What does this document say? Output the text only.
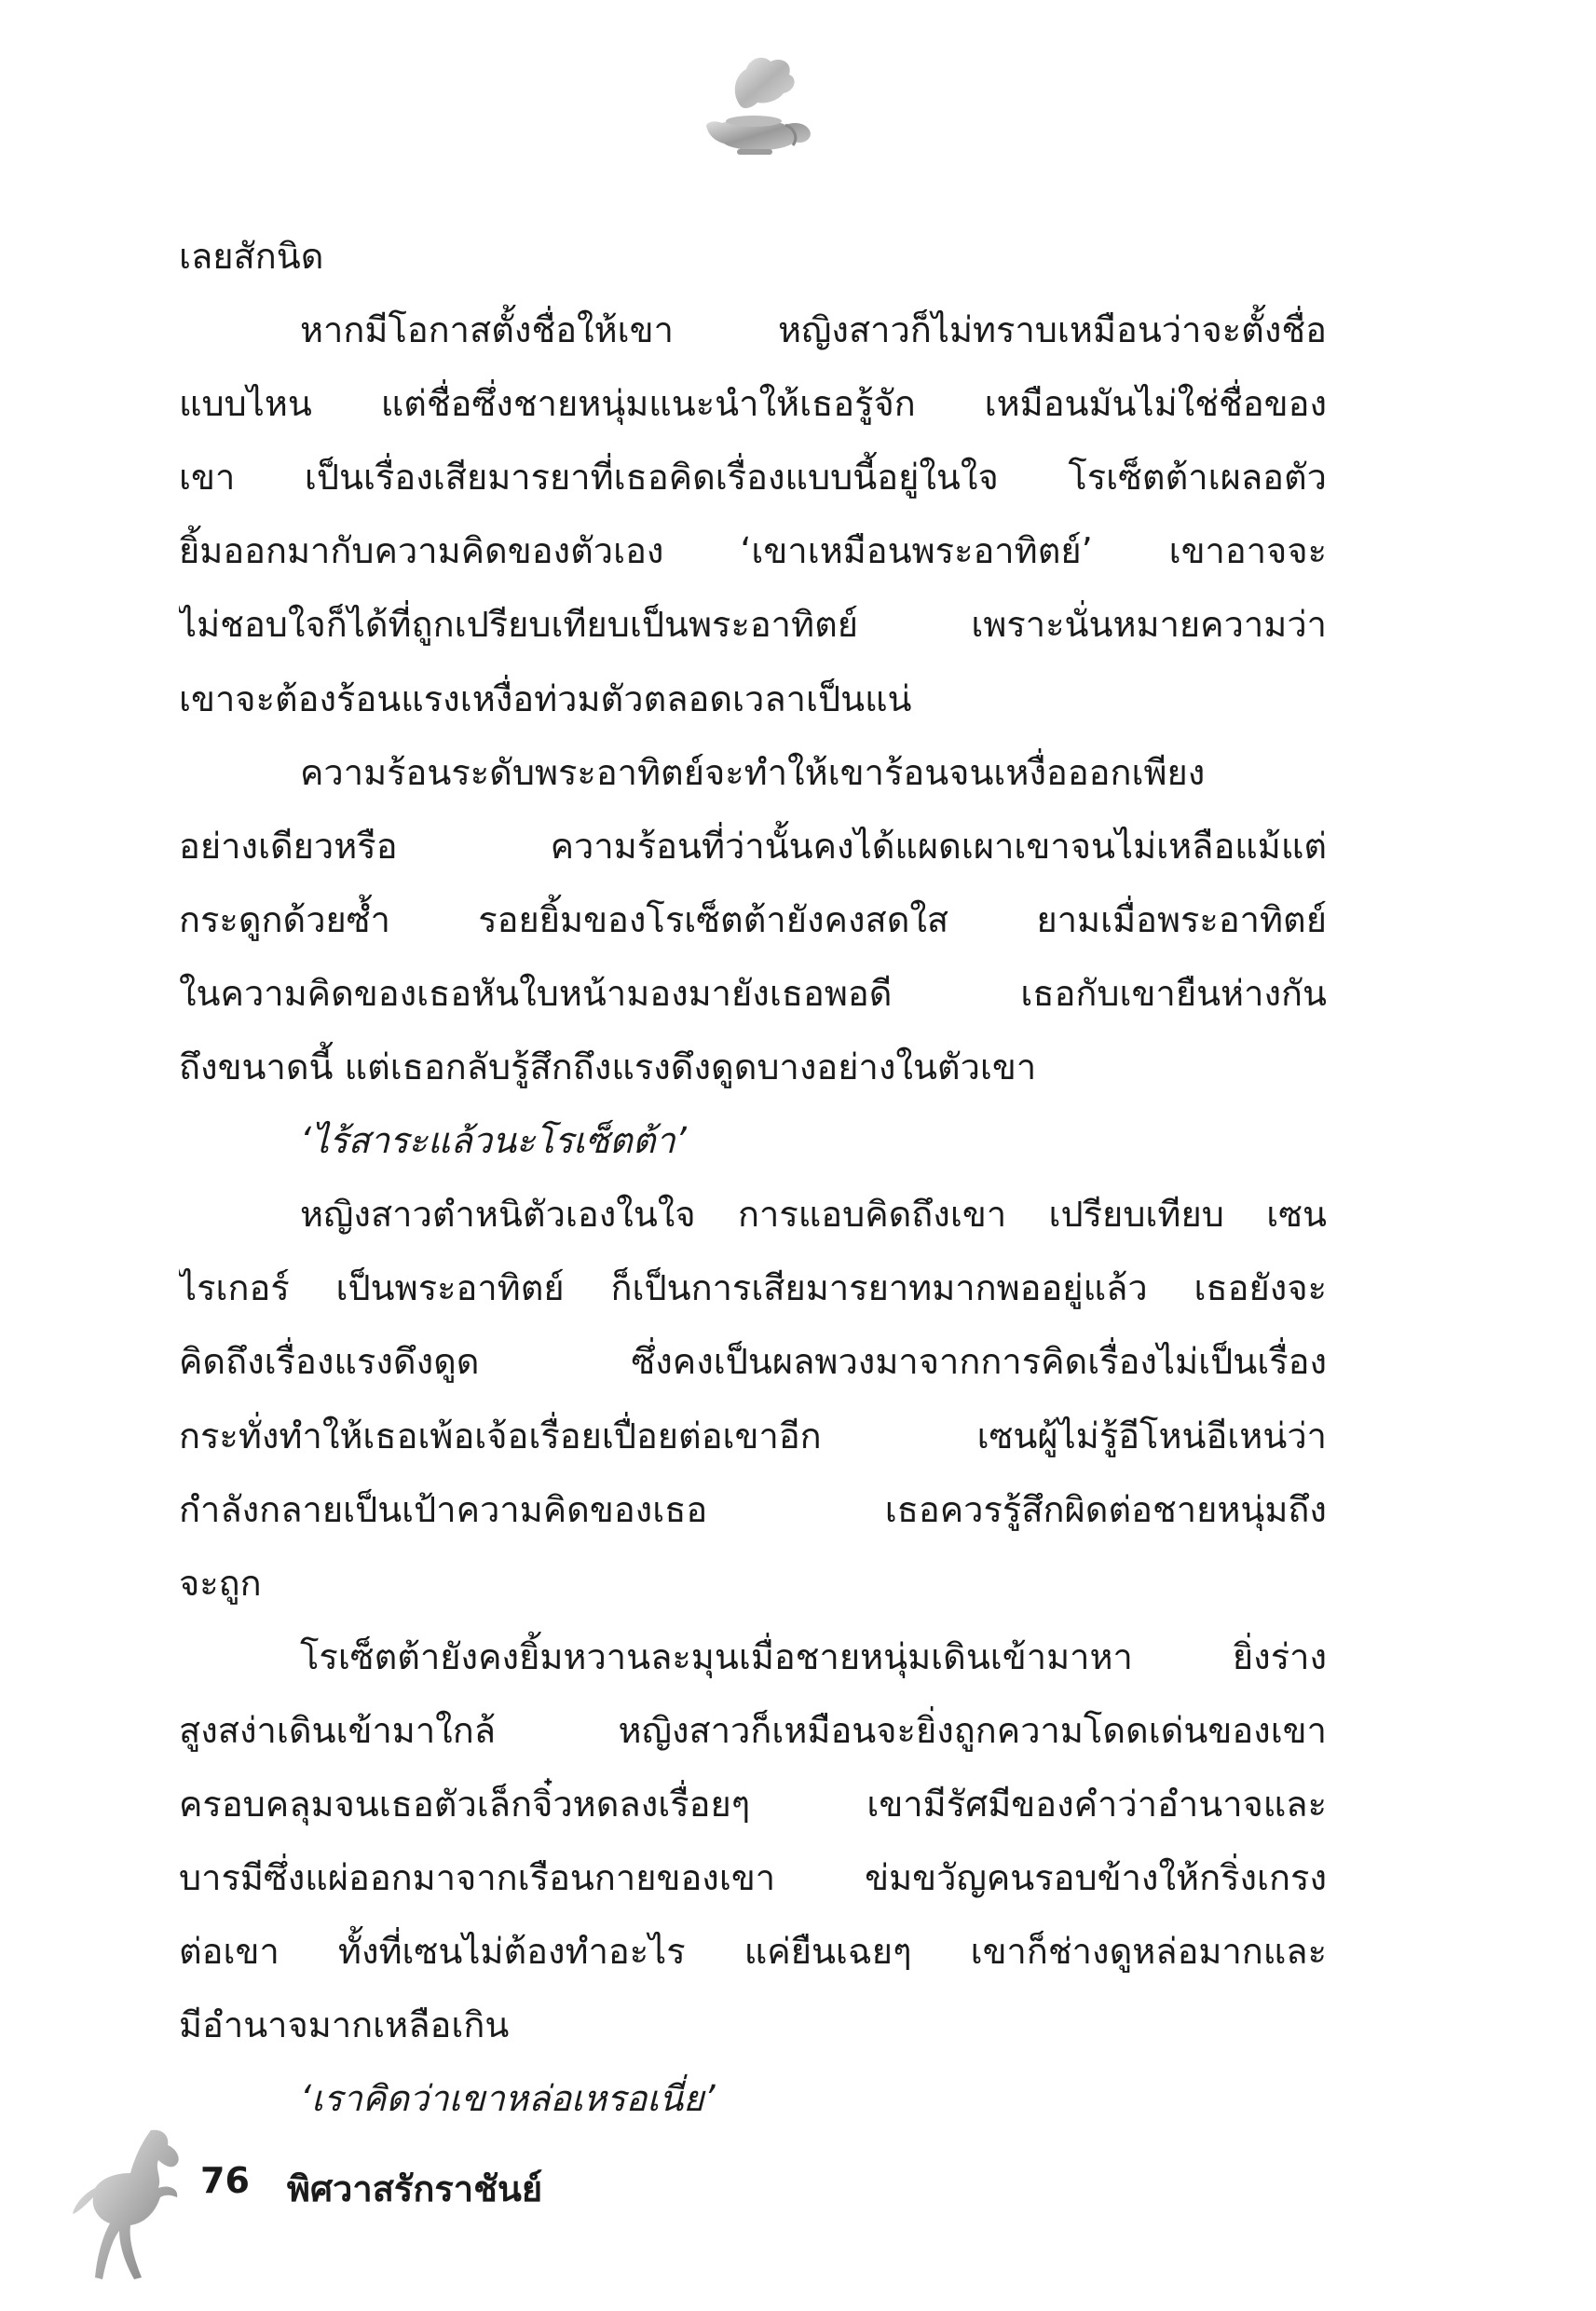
เลยสักนิด
หากมีโอกาสตั้งชื่อให้เขา หญิงสาวก็ไม่ทราบเหมือนว่าจะตั้งชื่อ
แบบไหน แต่ชื่อซึ่งชายหนุ่มแนะนำให้เธอรู้จัก เหมือนมันไม่ใช่ชื่อของ
เขา เป็นเรื่องเสียมารยาที่เธอคิดเรื่องแบบนี้อยู่ในใจ โรเซ็ตต้าเผลอตัว
ยิ้มออกมากับความคิดของตัวเอง ‘เขาเหมือนพระอาทิตย์’ เขาอาจจะ
ไม่ชอบใจก็ได้ที่ถูกเปรียบเทียบเป็นพระอาทิตย์ เพราะนั่นหมายความว่า
เขาจะต้องร้อนแรงเหงื่อท่วมตัวตลอดเวลาเป็นแน่
ความร้อนระดับพระอาทิตย์จะทำให้เขาร้อนจนเหงื่อออกเพียง
อย่างเดียวหรือ ความร้อนที่ว่านั้นคงได้แผดเผาเขาจนไม่เหลือแม้แต่
กระดูกด้วยซ้ำ รอยยิ้มของโรเซ็ตต้ายังคงสดใส ยามเมื่อพระอาทิตย์
ในความคิดของเธอหันใบหน้ามองมายังเธอพอดี เธอกับเขายืนห่างกัน
ถึงขนาดนี้ แต่เธอกลับรู้สึกถึงแรงดึงดูดบางอย่างในตัวเขา
‘ไร้สาระแล้วนะโรเซ็ตต้า’
หญิงสาวตำหนิตัวเองในใจ การแอบคิดถึงเขา เปรียบเทียบ เซน
ไรเกอร์ เป็นพระอาทิตย์ ก็เป็นการเสียมารยาทมากพออยู่แล้ว เธอยังจะ
คิดถึงเรื่องแรงดึงดูด ซึ่งคงเป็นผลพวงมาจากการคิดเรื่องไม่เป็นเรื่อง
กระทั่งทำให้เธอเพ้อเจ้อเรื่อยเปื่อยต่อเขาอีก เซนผู้ไม่รู้อีโหน่อีเหน่ว่า
กำลังกลายเป็นเป้าความคิดของเธอ เธอควรรู้สึกผิดต่อชายหนุ่มถึง
จะถูก
โรเซ็ตต้ายังคงยิ้มหวานละมุนเมื่อชายหนุ่มเดินเข้ามาหา ยิ่งร่าง
สูงสง่าเดินเข้ามาใกล้ หญิงสาวก็เหมือนจะยิ่งถูกความโดดเด่นของเขา
ครอบคลุมจนเธอตัวเล็กจิ๋วหดลงเรื่อยๆ เขามีรัศมีของคำว่าอำนาจและ
บารมีซึ่งแผ่ออกมาจากเรือนกายของเขา ข่มขวัญคนรอบข้างให้กริ่งเกรง
ต่อเขา ทั้งที่เซนไม่ต้องทำอะไร แค่ยืนเฉยๆ เขาก็ช่างดูหล่อมากและ
มีอำนาจมากเหลือเกิน
‘เราคิดว่าเขาหล่อเหรอเนี่ย’
76 พิศวาสรักราชันย์
